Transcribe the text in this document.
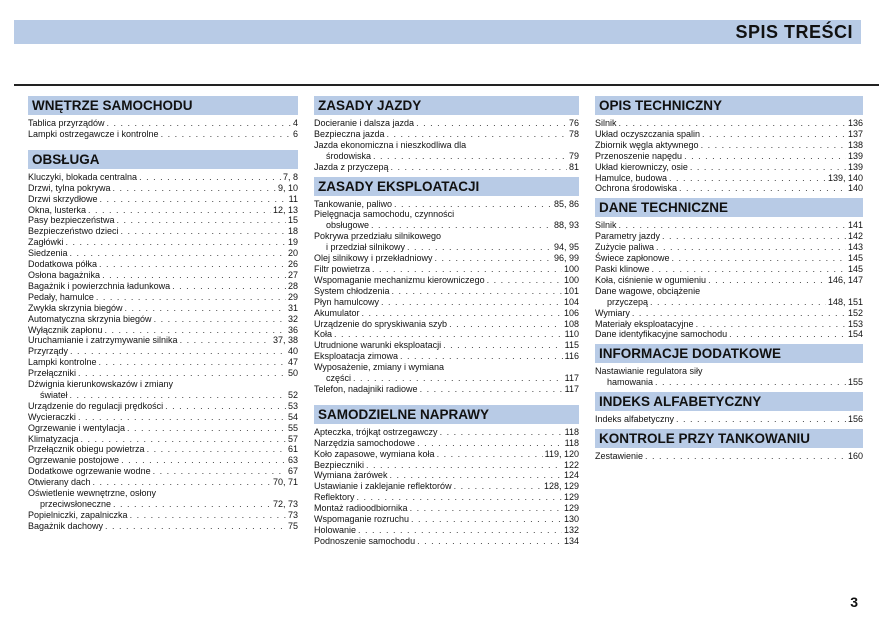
SPIS TREŚCI
WNĘTRZE SAMOCHODU
Tablica przyrządów . . .	4
Lampki ostrzegawcze i kontrolne . . .	6
OBSŁUGA
Kluczyki, blokada centralna . . .	7, 8
Drzwi, tylna pokrywa . . .	9, 10
Drzwi skrzydłowe . . .	11
Okna, lusterka . . .	12, 13
Pasy bezpieczeństwa . . .	15
Bezpieczeństwo dzieci . . .	18
Zagłówki . . .	19
Siedzenia . . .	20
Dodatkowa półka . . .	26
Osłona bagażnika . . .	27
Bagażnik i powierzchnia ładunkowa . . .	28
Pedały, hamulce . . .	29
Zwykła skrzynia biegów . . .	31
Automatyczna skrzynia biegów . . .	32
Wyłącznik zapłonu . . .	36
Uruchamianie i zatrzymywanie silnika . . .	37, 38
Przyrządy . . .	40
Lampki kontrolne . . .	47
Przełączniki . . .	50
Dźwignia kierunkowskazów i zmiany
świateł . . .	52
Urządzenie do regulacji prędkości . . .	53
Wycieraczki . . .	54
Ogrzewanie i wentylacja . . .	55
Klimatyzacja . . .	57
Przełącznik obiegu powietrza . . .	61
Ogrzewanie postojowe . . .	63
Dodatkowe ogrzewanie wodne . . .	67
Otwierany dach . . .	70, 71
Oświetlenie wewnętrzne, osłony
przeciwsłoneczne . . .	72, 73
Popielniczki, zapalniczka . . .	73
Bagażnik dachowy . . .	75
ZASADY JAZDY
Docieranie i dalsza jazda . . .	76
Bezpieczna jazda . . .	78
Jazda ekonomiczna i nieszkodliwa dla
środowiska . . .	79
Jazda z przyczepą . . .	81
ZASADY EKSPLOATACJI
Tankowanie, paliwo . . .	85, 86
Pielęgnacja samochodu, czynności
obsługowe . . .	88, 93
Pokrywa przedziału silnikowego
i przedział silnikowy . . .	94, 95
Olej silnikowy i przekładniowy . . .	96, 99
Filtr powietrza . . .	100
Wspomaganie mechanizmu kierowniczego . . .	100
System chłodzenia . . .	101
Płyn hamulcowy . . .	104
Akumulator . . .	106
Urządzenie do spryskiwania szyb . . .	108
Koła . . .	110
Utrudnione warunki eksploatacji . . .	115
Eksploatacja zimowa . . .	116
Wyposażenie, zmiany i wymiana
części . . .	117
Telefon, nadajniki radiowe . . .	117
SAMODZIELNE NAPRAWY
Apteczka, trójkąt ostrzegawczy . . .	118
Narzędzia samochodowe . . .	118
Koło zapasowe, wymiana koła . . .	119, 120
Bezpieczniki . . .	122
Wymiana żarówek . . .	124
Ustawianie i zaklejanie reflektorów . . .	128, 129
Reflektory . . .	129
Montaż radioodbiornika . . .	129
Wspomaganie rozruchu . . .	130
Holowanie . . .	132
Podnoszenie samochodu . . .	134
OPIS TECHNICZNY
Silnik . . .	136
Układ oczyszczania spalin . . .	137
Zbiornik węgla aktywnego . . .	138
Przenoszenie napędu . . .	139
Układ kierowniczy, osie . . .	139
Hamulce, budowa . . .	139, 140
Ochrona środowiska . . .	140
DANE TECHNICZNE
Silnik . . .	141
Parametry jazdy . . .	142
Zużycie paliwa . . .	143
Świece zapłonowe . . .	145
Paski klinowe . . .	145
Koła, ciśnienie w ogumieniu . . .	146, 147
Dane wagowe, obciążenie
przyczepą . . .	148, 151
Wymiary . . .	152
Materiały eksploatacyjne . . .	153
Dane identyfikacyjne samochodu . . .	154
INFORMACJE DODATKOWE
Nastawianie regulatora siły
hamowania . . .	155
INDEKS ALFABETYCZNY
Indeks alfabetyczny . . .	156
KONTROLE PRZY TANKOWANIU
Zestawienie . . .	160
3
